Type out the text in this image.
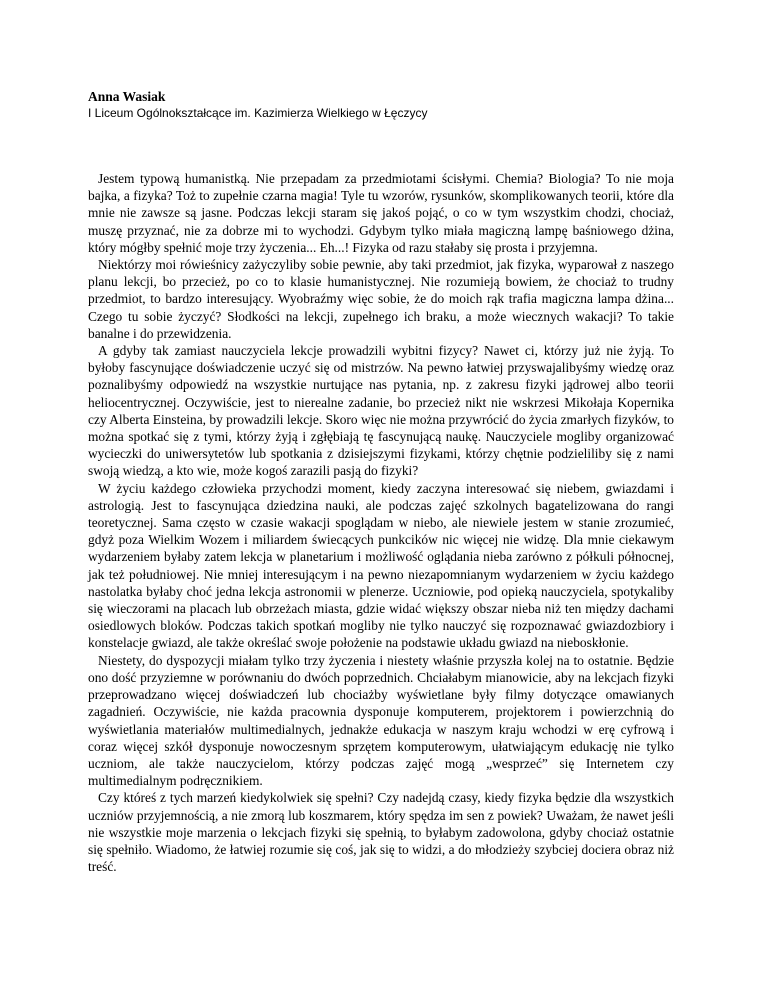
Anna Wasiak

I Liceum Ogólnokształcące im. Kazimierza Wielkiego w Łęczycy

Jestem typową humanistką. Nie przepadam za przedmiotami ścisłymi. Chemia? Biologia? To nie moja bajka, a fizyka? Toż to zupełnie czarna magia! Tyle tu wzorów, rysunków, skomplikowanych teorii, które dla mnie nie zawsze są jasne. Podczas lekcji staram się jakoś pojąć, o co w tym wszystkim chodzi, chociaż, muszę przyznać, nie za dobrze mi to wychodzi. Gdybym tylko miała magiczną lampę baśniowego dżina, który mógłby spełnić moje trzy życzenia... Eh...! Fizyka od razu stałaby się prosta i przyjemna.

Niektórzy moi rówieśnicy zażyczyliby sobie pewnie, aby taki przedmiot, jak fizyka, wyparował z naszego planu lekcji, bo przecież, po co to klasie humanistycznej. Nie rozumieją bowiem, że chociaż to trudny przedmiot, to bardzo interesujący. Wyobraźmy więc sobie, że do moich rąk trafia magiczna lampa dżina... Czego tu sobie życzyć? Słodkości na lekcji, zupełnego ich braku, a może wiecznych wakacji? To takie banalne i do przewidzenia.

A gdyby tak zamiast nauczyciela lekcje prowadzili wybitni fizycy? Nawet ci, którzy już nie żyją. To byłoby fascynujące doświadczenie uczyć się od mistrzów. Na pewno łatwiej przyswajalibyśmy wiedzę oraz poznalibyśmy odpowiedź na wszystkie nurtujące nas pytania, np. z zakresu fizyki jądrowej albo teorii heliocentrycznej. Oczywiście, jest to nierealne zadanie, bo przecież nikt nie wskrzesi Mikołaja Kopernika czy Alberta Einsteina, by prowadzili lekcje. Skoro więc nie można przywrócić do życia zmarłych fizyków, to można spotkać się z tymi, którzy żyją i zgłębiają tę fascynującą naukę. Nauczyciele mogliby organizować wycieczki do uniwersytetów lub spotkania z dzisiejszymi fizykami, którzy chętnie podzieliliby się z nami swoją wiedzą, a kto wie, może kogoś zarazili pasją do fizyki?

W życiu każdego człowieka przychodzi moment, kiedy zaczyna interesować się niebem, gwiazdami i astrologią. Jest to fascynująca dziedzina nauki, ale podczas zajęć szkolnych bagatelizowana do rangi teoretycznej. Sama często w czasie wakacji spoglądam w niebo, ale niewiele jestem w stanie zrozumieć, gdyż poza Wielkim Wozem i miliardem świecących punkcików nic więcej nie widzę. Dla mnie ciekawym wydarzeniem byłaby zatem lekcja w planetarium i możliwość oglądania nieba zarówno z półkuli północnej, jak też południowej. Nie mniej interesującym i na pewno niezapomnianym wydarzeniem w życiu każdego nastolatka byłaby choć jedna lekcja astronomii w plenerze. Uczniowie, pod opieką nauczyciela, spotykaliby się wieczorami na placach lub obrzeżach miasta, gdzie widać większy obszar nieba niż ten między dachami osiedlowych bloków. Podczas takich spotkań mogliby nie tylko nauczyć się rozpoznawać gwiazdozbiory i konstelacje gwiazd, ale także określać swoje położenie na podstawie układu gwiazd na nieboskłonie.

Niestety, do dyspozycji miałam tylko trzy życzenia i niestety właśnie przyszła kolej na to ostatnie. Będzie ono dość przyziemne w porównaniu do dwóch poprzednich. Chciałabym mianowicie, aby na lekcjach fizyki przeprowadzano więcej doświadczeń lub chociażby wyświetlane były filmy dotyczące omawianych zagadnień. Oczywiście, nie każda pracownia dysponuje komputerem, projektorem i powierzchnią do wyświetlania materiałów multimedialnych, jednakże edukacja w naszym kraju wchodzi w erę cyfrową i coraz więcej szkół dysponuje nowoczesnym sprzętem komputerowym, ułatwiającym edukację nie tylko uczniom, ale także nauczycielom, którzy podczas zajęć mogą „wesprzeć” się Internetem czy multimedialnym podręcznikiem.

Czy któreś z tych marzeń kiedykolwiek się spełni? Czy nadejdą czasy, kiedy fizyka będzie dla wszystkich uczniów przyjemnością, a nie zmorą lub koszmarem, który spędza im sen z powiek? Uważam, że nawet jeśli nie wszystkie moje marzenia o lekcjach fizyki się spełnią, to byłabym zadowolona, gdyby chociaż ostatnie się spełniło. Wiadomo, że łatwiej rozumie się coś, jak się to widzi, a do młodzieży szybciej dociera obraz niż treść.
